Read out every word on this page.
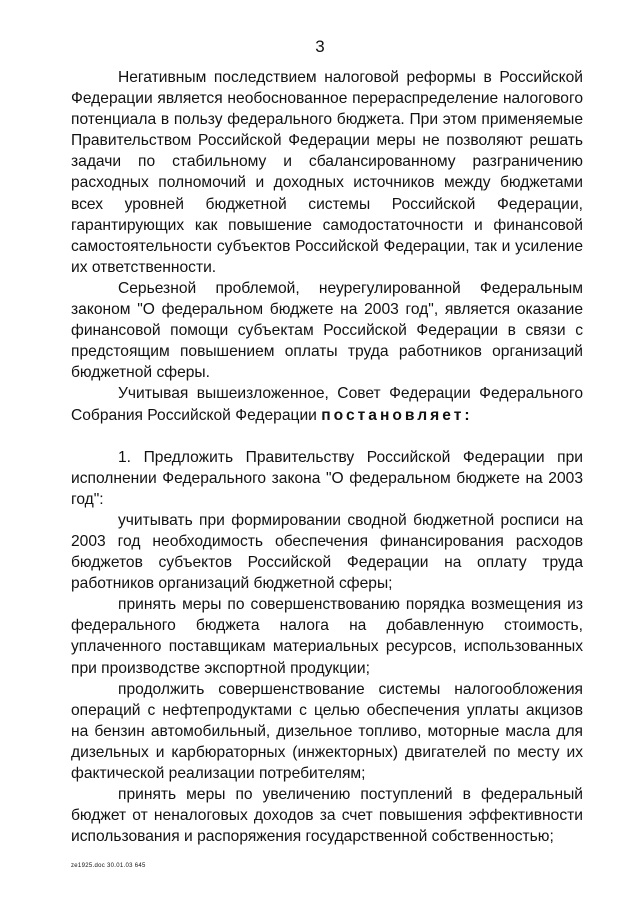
3

Негативным последствием налоговой реформы в Российской Федерации является необоснованное перераспределение налогового потенциала в пользу федерального бюджета. При этом применяемые Правительством Российской Федерации меры не позволяют решать задачи по стабильному и сбалансированному разграничению расходных полномочий и доходных источников между бюджетами всех уровней бюджетной системы Российской Федерации, гарантирующих как повышение самодостаточности и финансовой самостоятельности субъектов Российской Федерации, так и усиление их ответственности.

Серьезной проблемой, неурегулированной Федеральным законом "О федеральном бюджете на 2003 год", является оказание финансовой помощи субъектам Российской Федерации в связи с предстоящим повышением оплаты труда работников организаций бюджетной сферы.

Учитывая вышеизложенное, Совет Федерации Федерального Собрания Российской Федерации постановляет:

1. Предложить Правительству Российской Федерации при исполнении Федерального закона "О федеральном бюджете на 2003 год":

учитывать при формировании сводной бюджетной росписи на 2003 год необходимость обеспечения финансирования расходов бюджетов субъектов Российской Федерации на оплату труда работников организаций бюджетной сферы;

принять меры по совершенствованию порядка возмещения из федерального бюджета налога на добавленную стоимость, уплаченного поставщикам материальных ресурсов, использованных при производстве экспортной продукции;

продолжить совершенствование системы налогообложения операций с нефтепродуктами с целью обеспечения уплаты акцизов на бензин автомобильный, дизельное топливо, моторные масла для дизельных и карбюраторных (инжекторных) двигателей по месту их фактической реализации потребителям;

принять меры по увеличению поступлений в федеральный бюджет от неналоговых доходов за счет повышения эффективности использования и распоряжения государственной собственностью;

ze1925.doc 30.01.03 645
